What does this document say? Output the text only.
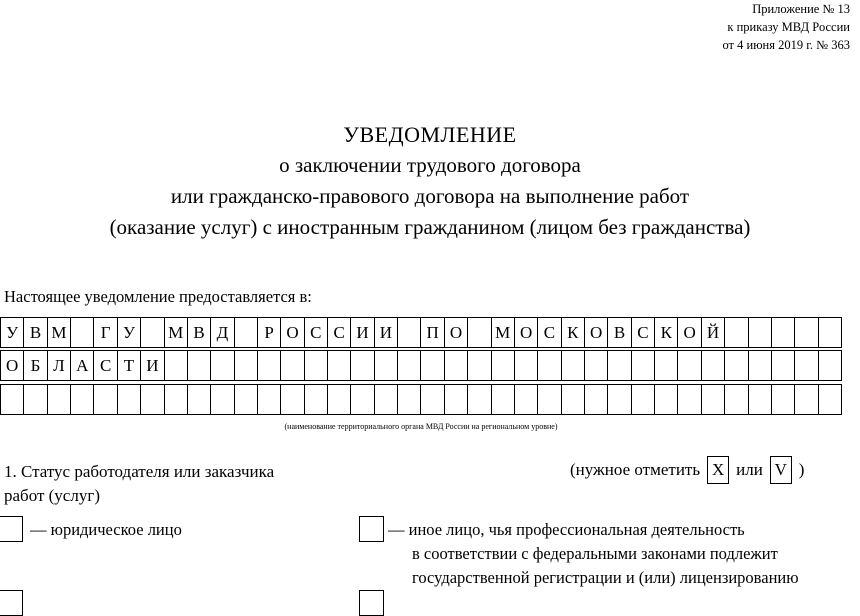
Приложение № 13
к приказу МВД России
от 4 июня 2019 г. № 363
УВЕДОМЛЕНИЕ
о заключении трудового договора
или гражданско-правового договора на выполнение работ
(оказание услуг) с иностранным гражданином (лицом без гражданства)
Настоящее уведомление предоставляется в:
У В М	Г У	М В Д	Р О С С И И	П О	М О С К О В С К О Й
О Б Л А С Т И
(наименование территориального органа МВД России на региональном уровне)
1. Статус работодателя или заказчика
работ (услуг)
(нужное отметить X или V )
— юридическое лицо	— иное лицо, чья профессиональная деятельность
в соответствии с федеральными законами подлежит
государственной регистрации и (или) лицензированию
